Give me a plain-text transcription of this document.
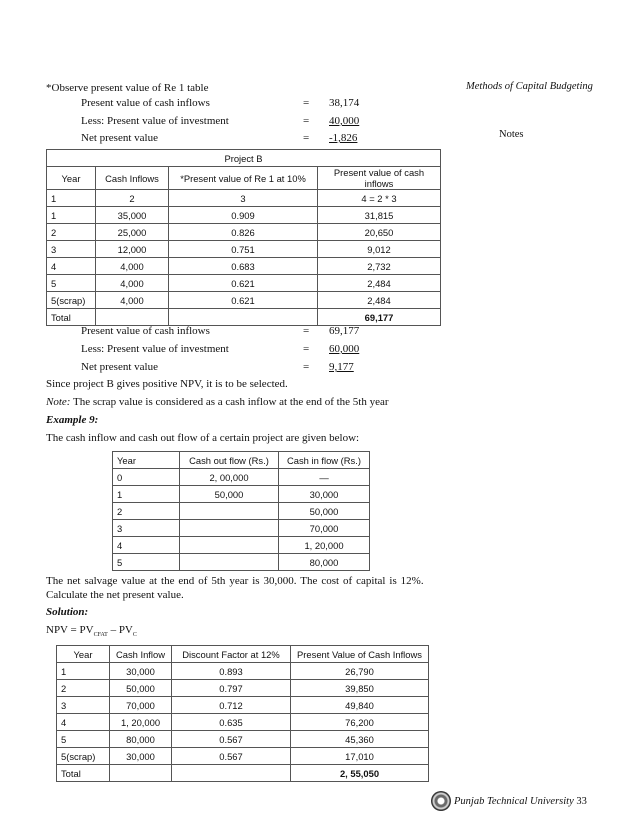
Methods of Capital Budgeting
Notes
*Observe present value of Re 1 table
Present value of cash inflows	= 38,174
Less: Present value of investment	= 40,000
Net present value	= -1,826
Project B			
Year	Cash Inflows	*Present value of Re 1 at 10%	Present value of cash inflows
1	2	3	4 = 2 * 3
1	35,000	0.909	31,815
2	25,000	0.826	20,650
3	12,000	0.751	9,012
4	4,000	0.683	2,732
5	4,000	0.621	2,484
5(scrap)	4,000	0.621	2,484
Total			69,177
Present value of cash inflows	= 69,177
Less: Present value of investment	= 60,000
Net present value	= 9,177
Since project B gives positive NPV, it is to be selected.
Note: The scrap value is considered as a cash inflow at the end of the 5th year
Example 9:
The cash inflow and cash out flow of a certain project are given below:
Year	Cash out flow (Rs.)	Cash in flow (Rs.)
0	2, 00,000	—
1	50,000	30,000
2		50,000
3		70,000
4		1, 20,000
5		80,000
The net salvage value at the end of 5th year is 30,000. The cost of capital is 12%.
Calculate the net present value.
Solution:
NPV = $PV_{CFAT} - PV_C$
Year	Cash Inflow	Discount Factor at 12%	Present Value of Cash Inflows
1	30,000	0.893	26,790
2	50,000	0.797	39,850
3	70,000	0.712	49,840
4	1, 20,000	0.635	76,200
5	80,000	0.567	45,360
5(scrap)	30,000	0.567	17,010
Total			2, 55,050
Punjab Technical University 33
